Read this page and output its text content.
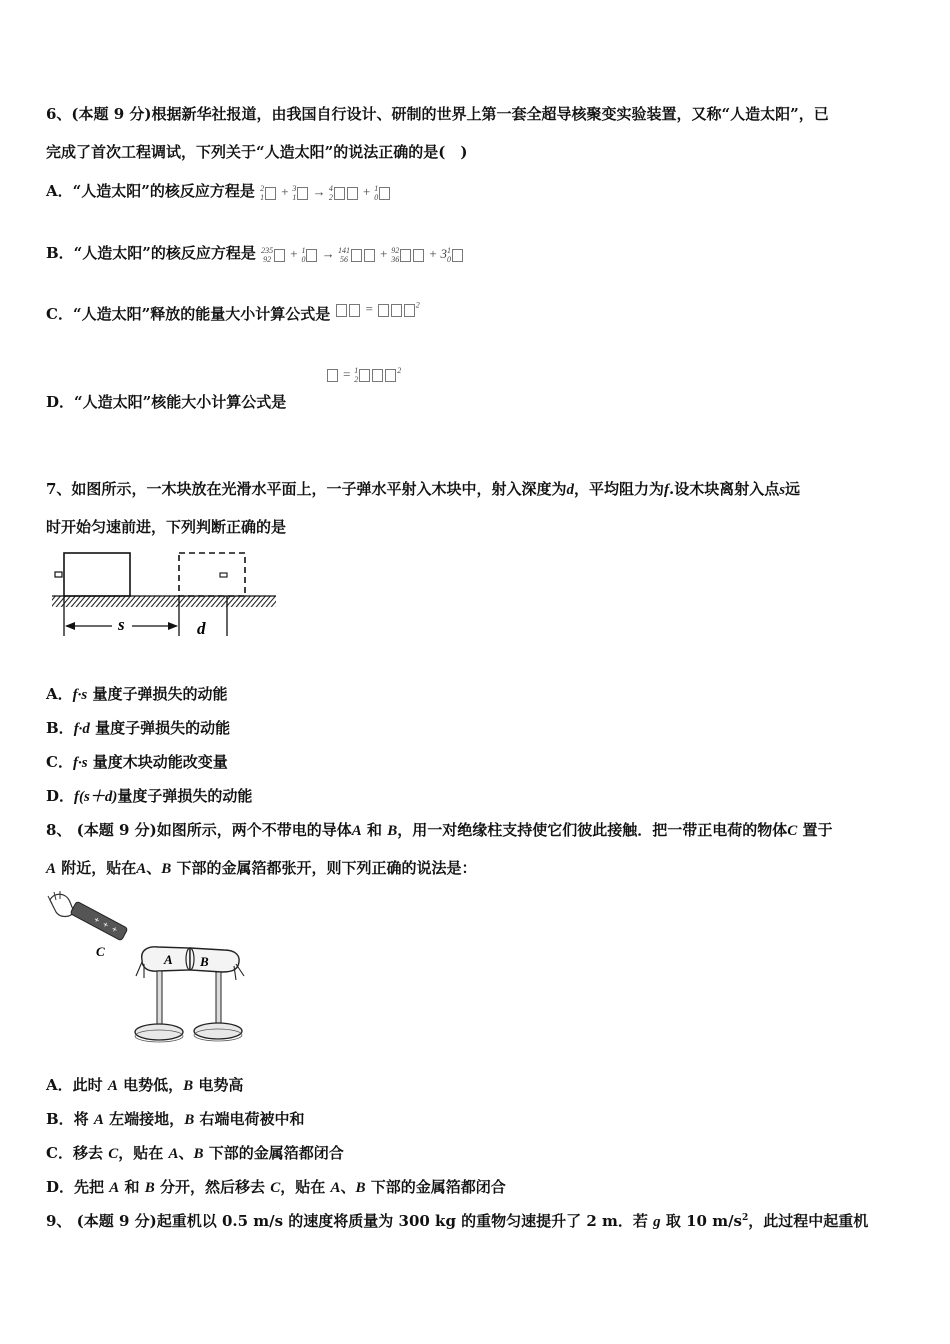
6、(本题 9 分)根据新华社报道，由我国自行设计、研制的世界上第一套全超导核聚变实验装置，又称“人造太阳”，已
完成了首次工程调试，下列关于“人造太阳”的说法正确的是(　)
A．“人造太阳”的核反应方程是 2
1 + 3
1 → 4
2 + 1
0
B．“人造太阳”的核反应方程是 235
92 + 1
0 → 141
56 + 92
36 + 3 1
0
C．“人造太阳”释放的能量大小计算公式是  =	$^2$
D．“人造太阳”核能大小计算公式是
= 1
2
$^2$
7、如图所示，一木块放在光滑水平面上，一子弹水平射入木块中，射入深度为d，平均阻力为f.设木块离射入点s远
时开始匀速前进，下列判断正确的是
s	d
A．f·s 量度子弹损失的动能
B．f·d 量度子弹损失的动能
C．f·s 量度木块动能改变量
D．f(s＋d)量度子弹损失的动能
8、 (本题 9 分)如图所示，两个不带电的导体A 和 B，用一对绝缘柱支持使它们彼此接触．把一带正电荷的物体C 置于
A 附近，贴在A、B 下部的金属箔都张开，则下列正确的说法是：
+ + +
C
A B
A．此时 A 电势低，B 电势高
B．将 A 左端接地，B 右端电荷被中和
C．移去 C，贴在 A、B 下部的金属箔都闭合
D．先把 A 和 B 分开，然后移去 C，贴在 A、B 下部的金属箔都闭合
9、 (本题 9 分)起重机以 0.5 m/s 的速度将质量为 300 kg 的重物匀速提升了 2 m．若 g 取 10 $m/s^2$，此过程中起重机
